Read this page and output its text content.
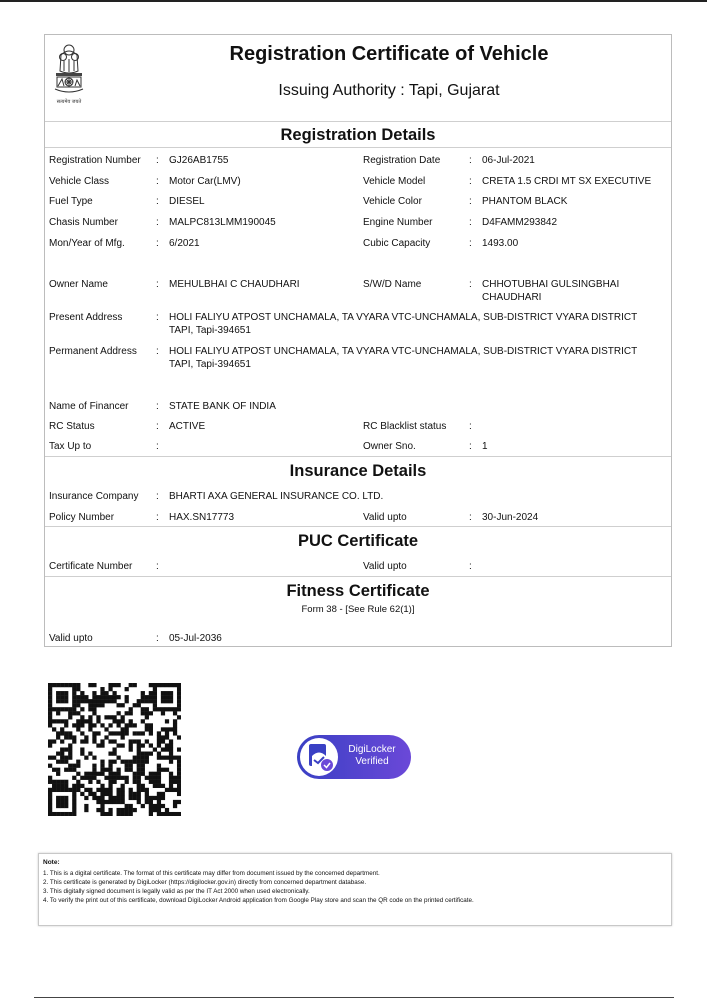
सत्यमेव जयते
Registration Certificate of Vehicle
Issuing Authority : Tapi, Gujarat
Registration Details
Registration Number : GJ26AB1755	Registration Date	: 06-Jul-2021
Vehicle Class	: Motor Car(LMV)	Vehicle Model	: CRETA 1.5 CRDI MT SX EXECUTIVE
Fuel Type	: DIESEL	Vehicle Color	: PHANTOM BLACK
Chasis Number	: MALPC813LMM190045	Engine Number	: D4FAMM293842
Mon/Year of Mfg.	: 6/2021	Cubic Capacity	: 1493.00
Owner Name	: MEHULBHAI C CHAUDHARI	S/W/D Name	: CHHOTUBHAI GULSINGBHAI CHAUDHARI
Present Address	: HOLI FALIYU ATPOST UNCHAMALA, TA VYARA VTC-UNCHAMALA, SUB-DISTRICT VYARA DISTRICT TAPI, Tapi-394651
Permanent Address : HOLI FALIYU ATPOST UNCHAMALA, TA VYARA VTC-UNCHAMALA, SUB-DISTRICT VYARA DISTRICT TAPI, Tapi-394651
Name of Financer	: STATE BANK OF INDIA
RC Status	: ACTIVE	RC Blacklist status :
Tax Up to	:	Owner Sno.	: 1
Insurance Details
Insurance Company : BHARTI AXA GENERAL INSURANCE CO. LTD.
Policy Number	: HAX.SN17773	Valid upto	: 30-Jun-2024
PUC Certificate
Certificate Number :	Valid upto	:
Fitness Certificate
Form 38 - [See Rule 62(1)]
Valid upto	: 05-Jul-2036
DigiLocker
Verified
Note:
1. This is a digital certificate. The format of this certificate may differ from document issued by the concerned department.
2. This certificate is generated by DigiLocker (https://digilocker.gov.in) directly from concerned department database.
3. This digitally signed document is legally valid as per the IT Act 2000 when used electronically.
4. To verify the print out of this certificate, download DigiLocker Android application from Google Play store and scan the QR code on the printed certificate.
